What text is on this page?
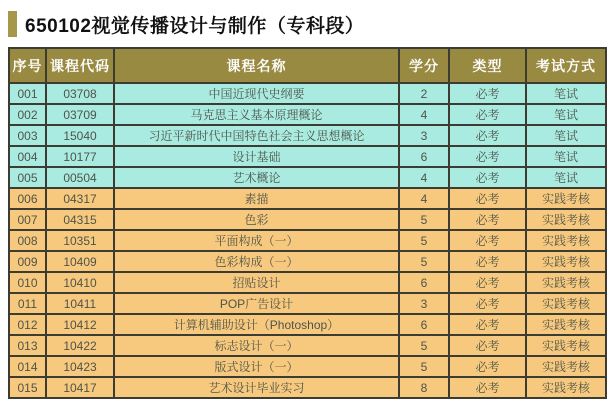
650102视觉传播设计与制作（专科段）
序号	课程代码	课程名称	学分	类型	考试方式
001	03708	中国近现代史纲要	2	必考	笔试
002	03709	马克思主义基本原理概论	4	必考	笔试
003	15040	习近平新时代中国特色社会主义思想概论	3	必考	笔试
004	10177	设计基础	6	必考	笔试
005	00504	艺术概论	4	必考	笔试
006	04317	素描	4	必考	实践考核
007	04315	色彩	5	必考	实践考核
008	10351	平面构成（一）	5	必考	实践考核
009	10409	色彩构成（一）	5	必考	实践考核
010	10410	招贴设计	6	必考	实践考核
011	10411	POP广告设计	3	必考	实践考核
012	10412	计算机辅助设计（Photoshop）	6	必考	实践考核
013	10422	标志设计（一）	5	必考	实践考核
014	10423	版式设计（一）	5	必考	实践考核
015	10417	艺术设计毕业实习	8	必考	实践考核
